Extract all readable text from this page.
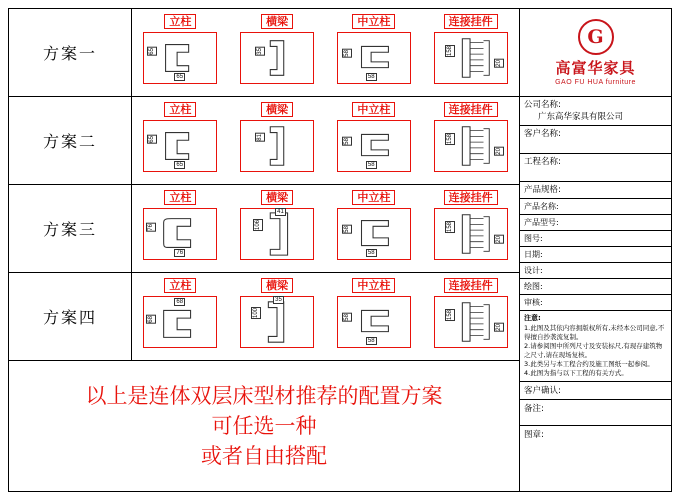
方案一
立柱
65
65
横梁
35
中立柱
58
58
连接挂件
158
20
方案二
立柱
65
65
横梁
81
中立柱
58
58
连接挂件
158
20
方案三
立柱
76
76
横梁
106
41
中立柱
58
58
连接挂件
158
20
方案四
立柱
68
68
横梁
100
35
中立柱
58
58
连接挂件
158
20
以上是连体双层床型材推荐的配置方案
可任选一种
或者自由搭配
G
高富华家具
GAO FU HUA furniture
公司名称:
广东高华家具有限公司
客户名称:
工程名称:
产品规格:
产品名称:
产品型号:
图号:
日期:
设计:
绘图:
审核:
注意:
1.此图及其依内容拥版权所有,未经本公司同意,不得擅自抄袭流复制。
2.请参阅图中所列尺寸及安装标尺,有现存建筑物之尺寸,请在现场复核。
3.此类另与本工程合约及施工图纸一起参阅。
4.此图为指与以下工程的有关方式。
客户确认:
备注:
图章:
